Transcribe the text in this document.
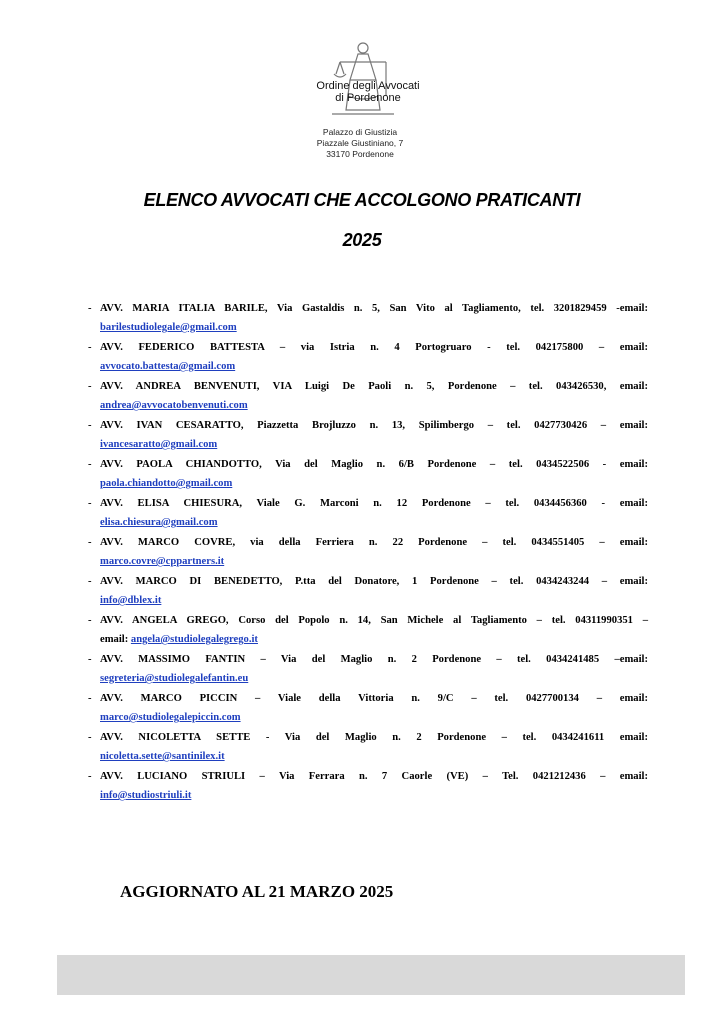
Ordine degli Avvocati
di Pordenone
Palazzo di Giustizia
Piazzale Giustiniano, 7
33170 Pordenone
ELENCO AVVOCATI CHE ACCOLGONO PRATICANTI
2025
- AVV. MARIA ITALIA BARILE, Via Gastaldis n. 5, San Vito al Tagliamento, tel. 3201829459 -email:
barilestudiolegale@gmail.com
- AVV. FEDERICO BATTESTA – via Istria n. 4 Portogruaro - tel. 042175800 – email:
avvocato.battesta@gmail.com
- AVV. ANDREA BENVENUTI, VIA Luigi De Paoli n. 5, Pordenone – tel. 043426530, email:
andrea@avvocatobenvenuti.com
- AVV. IVAN CESARATTO, Piazzetta Brojluzzo n. 13, Spilimbergo – tel. 0427730426 – email:
ivancesaratto@gmail.com
- AVV. PAOLA CHIANDOTTO, Via del Maglio n. 6/B Pordenone – tel. 0434522506 - email:
paola.chiandotto@gmail.com
- AVV. ELISA CHIESURA, Viale G. Marconi n. 12 Pordenone – tel. 0434456360 - email:
elisa.chiesura@gmail.com
- AVV. MARCO COVRE, via della Ferriera n. 22 Pordenone – tel. 0434551405 – email:
marco.covre@cppartners.it
- AVV. MARCO DI BENEDETTO, P.tta del Donatore, 1 Pordenone – tel. 0434243244 – email:
info@dblex.it
- AVV. ANGELA GREGO, Corso del Popolo n. 14, San Michele al Tagliamento – tel. 04311990351 –
email: angela@studiolegalegrego.it
- AVV. MASSIMO FANTIN – Via del Maglio n. 2 Pordenone – tel. 0434241485 –email:
segreteria@studiolegalefantin.eu
- AVV. MARCO PICCIN – Viale della Vittoria n. 9/C – tel. 0427700134 – email:
marco@studiolegalepiccin.com
- AVV. NICOLETTA SETTE - Via del Maglio n. 2 Pordenone – tel. 0434241611 email:
nicoletta.sette@santinilex.it
- AVV. LUCIANO STRIULI – Via Ferrara n. 7 Caorle (VE) – Tel. 0421212436 – email:
info@studiostriuli.it
AGGIORNATO AL 21 MARZO 2025
